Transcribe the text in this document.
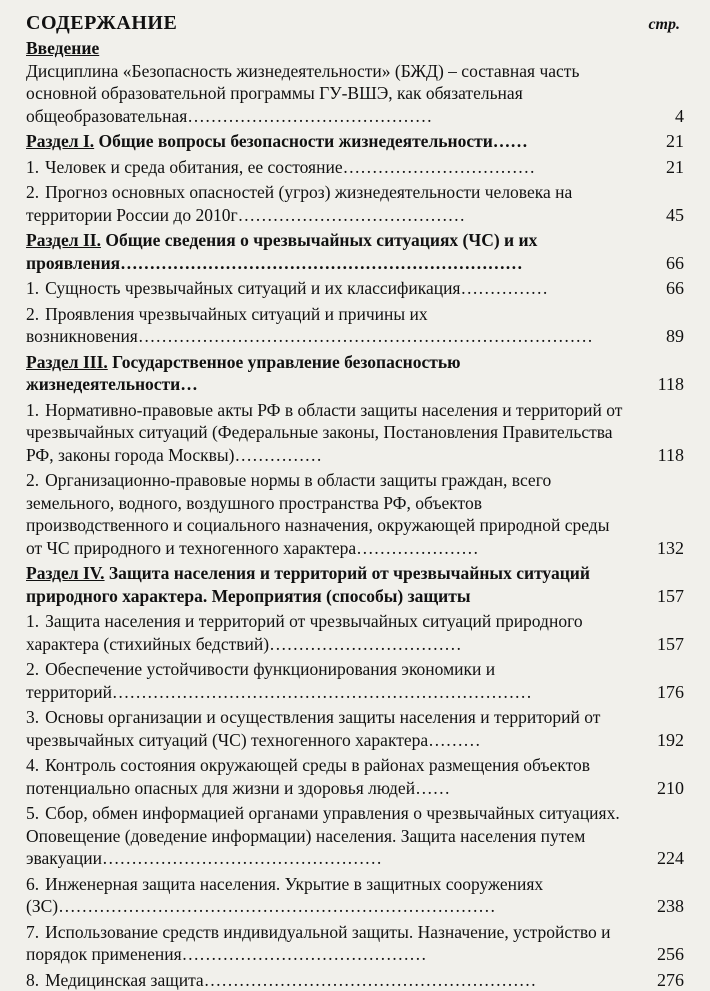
СОДЕРЖАНИЕ	стр.
Введение
Дисциплина «Безопасность жизнедеятельности» (БЖД) – составная часть основной образовательной программы ГУ-ВШЭ, как обязательная общеобразовательная……………………………………	4
Раздел I. Общие вопросы безопасности жизнедеятельности……	21
1. Человек и среда обитания, ее состояние……………………………	21
2. Прогноз основных опасностей (угроз) жизнедеятельности человека на территории России до 2010г…………………………………	45
Раздел II. Общие сведения о чрезвычайных ситуациях (ЧС) и их проявления……………………………………………………………	66
1. Сущность чрезвычайных ситуаций и их классификация……………	66
2. Проявления чрезвычайных ситуаций и причины их возникновения……………………………………………………………………	89
Раздел III. Государственное управление безопасностью жизнедеятельности…	118
1. Нормативно-правовые акты РФ в области защиты населения и территорий от чрезвычайных ситуаций (Федеральные законы, Постановления Правительства РФ, законы города Москвы)……………	118
2. Организационно-правовые нормы в области защиты граждан, всего земельного, водного, воздушного пространства РФ, объектов производственного и социального назначения, окружающей природной среды от ЧС природного и техногенного характера…………………	132
Раздел IV. Защита населения и территорий от чрезвычайных ситуаций природного характера. Мероприятия (способы) защиты	157
1. Защита населения и территорий от чрезвычайных ситуаций природного характера (стихийных бедствий)……………………………	157
2. Обеспечение устойчивости функционирования экономики и территорий………………………………………………………………	176
3. Основы организации и осуществления защиты населения и территорий от чрезвычайных ситуаций (ЧС) техногенного характера………	192
4. Контроль состояния окружающей среды в районах размещения объектов потенциально опасных для жизни и здоровья людей……	210
5. Сбор, обмен информацией органами управления о чрезвычайных ситуациях. Оповещение (доведение информации) населения. Защита населения путем эвакуации…………………………………………	224
6. Инженерная защита населения. Укрытие в защитных сооружениях (ЗС)…………………………………………………………………	238
7. Использование средств индивидуальной защиты. Назначение, устройство и порядок применения……………………………………	256
8. Медицинская защита…………………………………………………	276
